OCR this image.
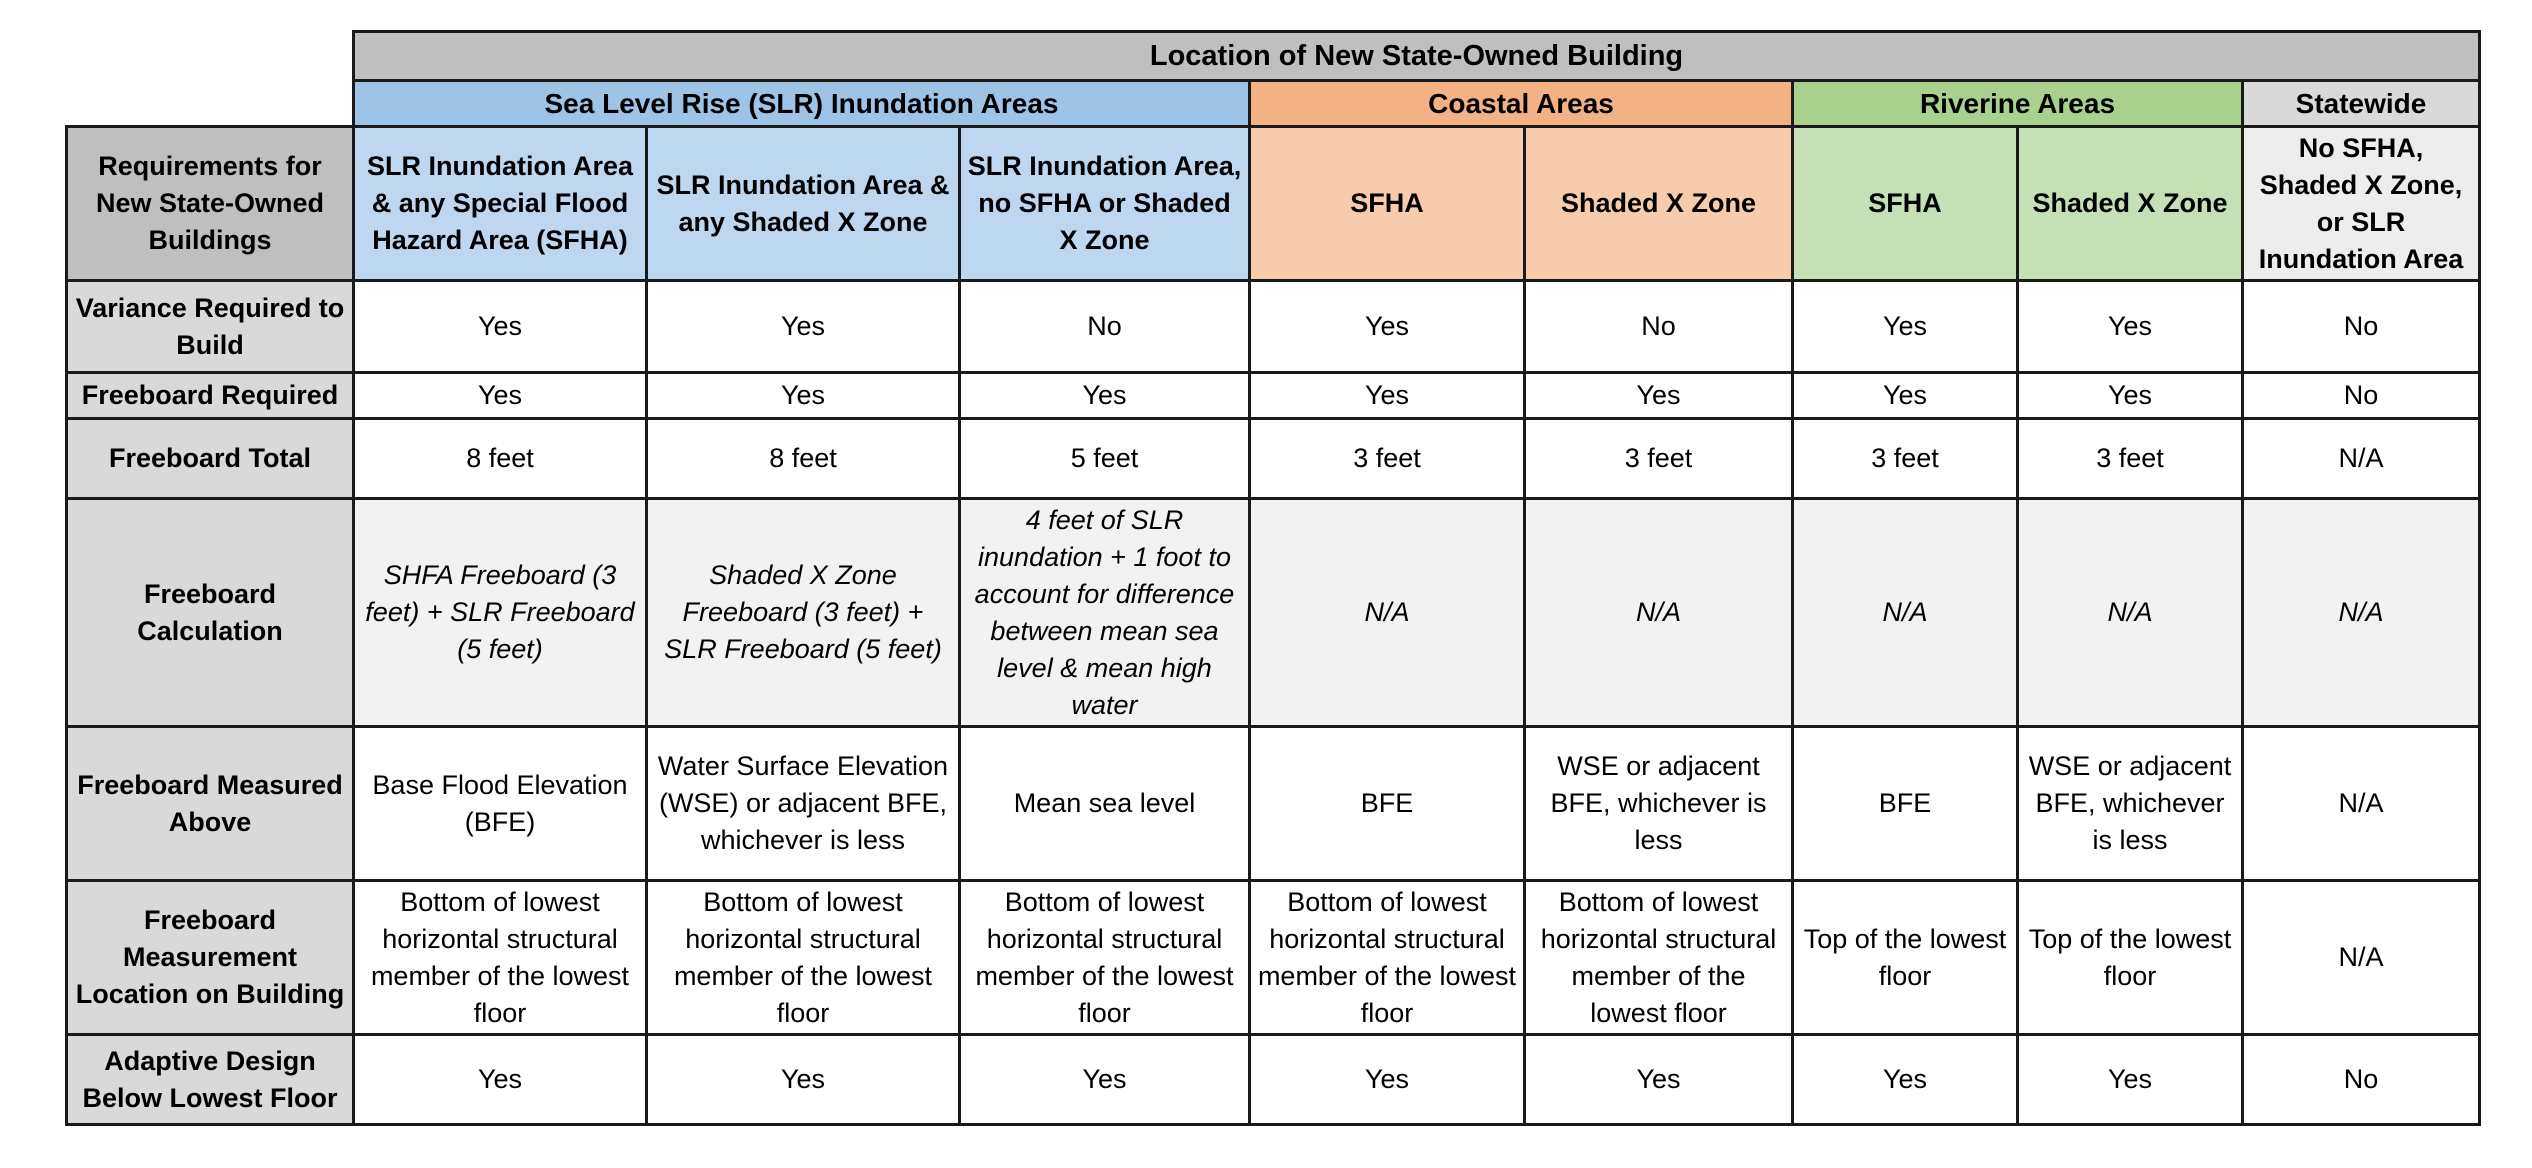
	Location of New State-Owned Building							
	Sea Level Rise (SLR) Inundation Areas			Coastal Areas		Riverine Areas		Statewide
Requirements for New State-Owned Buildings	SLR Inundation Area & any Special Flood Hazard Area (SFHA)	SLR Inundation Area & any Shaded X Zone	SLR Inundation Area, no SFHA or Shaded X Zone	SFHA	Shaded X Zone	SFHA	Shaded X Zone	No SFHA, Shaded X Zone, or SLR Inundation Area
Variance Required to Build	Yes	Yes	No	Yes	No	Yes	Yes	No
Freeboard Required	Yes	Yes	Yes	Yes	Yes	Yes	Yes	No
Freeboard Total	8 feet	8 feet	5 feet	3 feet	3 feet	3 feet	3 feet	N/A
Freeboard Calculation	SHFA Freeboard (3 feet) + SLR Freeboard (5 feet)	Shaded X Zone Freeboard (3 feet) + SLR Freeboard (5 feet)	4 feet of SLR inundation + 1 foot to account for difference between mean sea level & mean high water	N/A	N/A	N/A	N/A	N/A
Freeboard Measured Above	Base Flood Elevation (BFE)	Water Surface Elevation (WSE) or adjacent BFE, whichever is less	Mean sea level	BFE	WSE or adjacent BFE, whichever is less	BFE	WSE or adjacent BFE, whichever is less	N/A
Freeboard Measurement Location on Building	Bottom of lowest horizontal structural member of the lowest floor	Bottom of lowest horizontal structural member of the lowest floor	Bottom of lowest horizontal structural member of the lowest floor	Bottom of lowest horizontal structural member of the lowest floor	Bottom of lowest horizontal structural member of the lowest floor	Top of the lowest floor	Top of the lowest floor	N/A
Adaptive Design Below Lowest Floor	Yes	Yes	Yes	Yes	Yes	Yes	Yes	No
